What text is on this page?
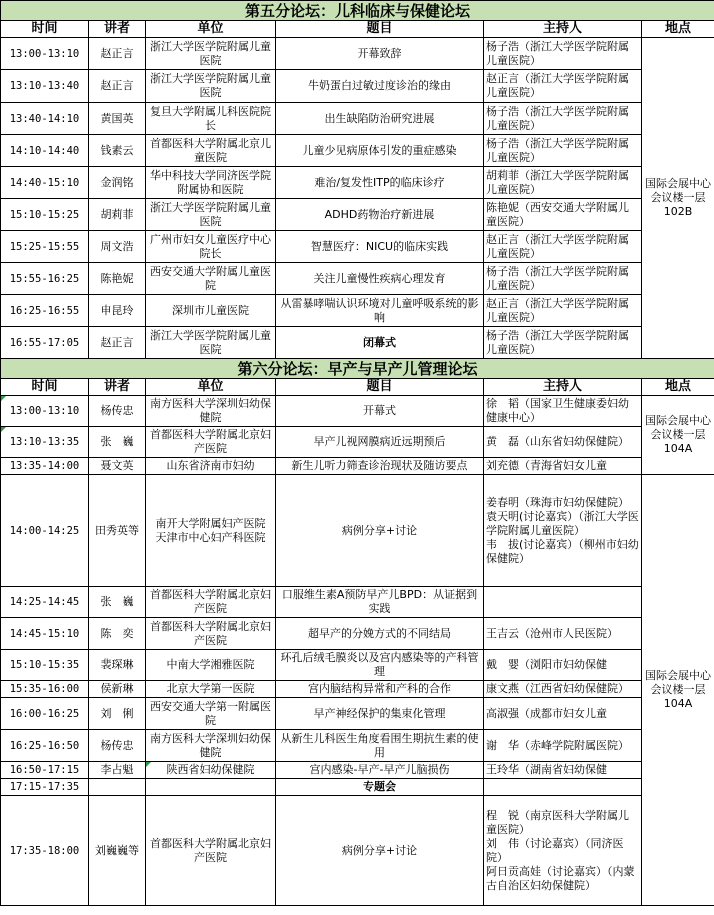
第五分论坛：儿科临床与保健论坛						
时间	讲者	单位	题目	主持人	地点	
13:00-13:10	赵正言	浙江大学医学院附属儿童医院	开幕致辞	杨子浩（浙江大学医学院附属儿童医院）	国际会展中心会议楼一层102B	
13:10-13:40	赵正言	浙江大学医学院附属儿童医院	牛奶蛋白过敏过度诊治的缘由	赵正言（浙江大学医学院附属儿童医院）		
13:40-14:10	黄国英	复旦大学附属儿科医院院长	出生缺陷防治研究进展	杨子浩（浙江大学医学院附属儿童医院）		
14:10-14:40	钱素云	首都医科大学附属北京儿童医院	儿童少见病原体引发的重症感染	杨子浩（浙江大学医学院附属儿童医院）		
14:40-15:10	金润铭	华中科技大学同济医学院附属协和医院	难治/复发性ITP的临床诊疗	胡莉菲（浙江大学医学院附属儿童医院）		
15:10-15:25	胡莉菲	浙江大学医学院附属儿童医院	ADHD药物治疗新进展	陈艳妮（西安交通大学附属儿童医院）		
15:25-15:55	周文浩	广州市妇女儿童医疗中心院长	智慧医疗：NICU的临床实践	赵正言（浙江大学医学院附属儿童医院）		
15:55-16:25	陈艳妮	西安交通大学附属儿童医院	关注儿童慢性疾病心理发育	杨子浩（浙江大学医学院附属儿童医院）		
16:25-16:55	申昆玲	深圳市儿童医院	从雷暴哮喘认识环境对儿童呼吸系统的影响	赵正言（浙江大学医学院附属儿童医院）		
16:55-17:05	赵正言	浙江大学医学院附属儿童医院	闭幕式	杨子浩（浙江大学医学院附属儿童医院）		
第六分论坛：早产与早产儿管理论坛						
时间	讲者	单位	题目	主持人	地点	
13:00-13:10	杨传忠	南方医科大学深圳妇幼保健院	开幕式	徐　韬（国家卫生健康委妇幼健康中心）	国际会展中心会议楼一层104A	
13:10-13:35	张　巍	首都医科大学附属北京妇产医院	早产儿视网膜病近远期预后	黄　磊（山东省妇幼保健院）		
13:35-14:00	聂文英	山东省济南市妇幼	新生儿听力筛查诊治现状及随访要点	刘充德（青海省妇女儿童		
14:00-14:25	田秀英等	南开大学附属妇产医院
天津市中心妇产科医院	病例分享+讨论	姜春明（珠海市妇幼保健院）
袁天明(讨论嘉宾）（浙江大学医学院附属儿童医院）
韦　拔(讨论嘉宾）（柳州市妇幼保健院）	国际会展中心会议楼一层104A	
14:25-14:45	张　巍	首都医科大学附属北京妇产医院	口服维生素A预防早产儿BPD：从证据到实践			
14:45-15:10	陈　奕	首都医科大学附属北京妇产医院	超早产的分娩方式的不同结局	王吉云（沧州市人民医院）		
15:10-15:35	裴琛琳	中南大学湘雅医院	环孔后绒毛膜炎以及宫内感染等的产科管理	戴　婴（浏阳市妇幼保健		
15:35-16:00	侯新琳	北京大学第一医院	宫内脑结构异常和产科的合作	康文燕（江西省妇幼保健院）		
16:00-16:25	刘　俐	西安交通大学第一附属医院	早产神经保护的集束化管理	高淑强（成都市妇女儿童		
16:25-16:50	杨传忠	南方医科大学深圳妇幼保健院	从新生儿科医生角度看围生期抗生素的使用	谢　华（赤峰学院附属医院）		
16:50-17:15	李占魁	陕西省妇幼保健院	宫内感染-早产-早产儿脑损伤	王玲华（湖南省妇幼保健		
17:15-17:35			专题会			
17:35-18:00	刘巍巍等	首都医科大学附属北京妇产医院	病例分享+讨论	程　锐（南京医科大学附属儿童医院）
刘　伟（讨论嘉宾）（同济医院）
阿日贡高娃（讨论嘉宾）（内蒙古自治区妇幼保健院）		
